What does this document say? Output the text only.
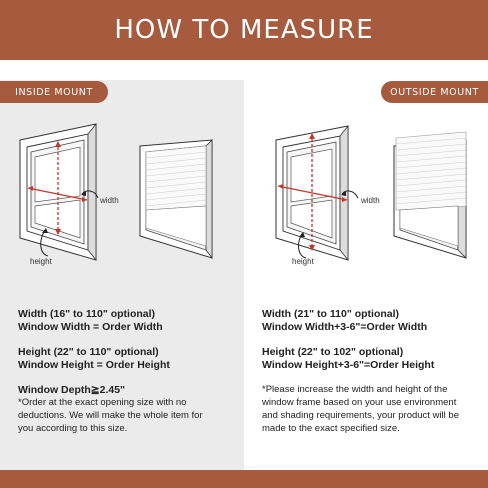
HOW TO MEASURE
INSIDE MOUNT	OUTSIDE MOUNT
width
height
width
height
Width (16" to 110" optional)
Window Width = Order Width
Height (22" to 110" optional)
Window Height = Order Height
Window Depth≧2.45"
*Order at the exact opening size with no
deductions. We will make the whole item for
you according to this size.
Width (21" to 110" optional)
Window Width+3-6"=Order Width
Height (22" to 102" optional)
Window Height+3-6"=Order Height
*Please increase the width and height of the
window frame based on your use environment
and shading requirements, your product will be
made to the exact specified size.
